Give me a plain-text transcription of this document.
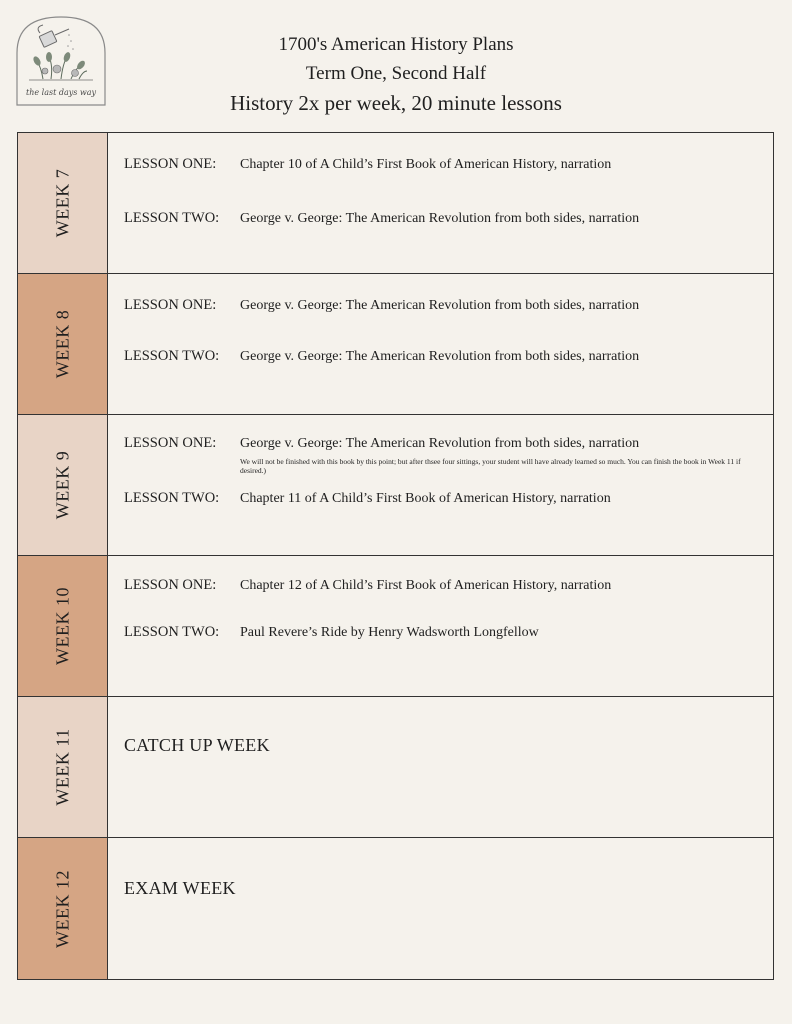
the last days way
1700's American History Plans
Term One, Second Half
History 2x per week, 20 minute lessons
WEEK 7
LESSON ONE: Chapter 10 of A Child’s First Book of American History, narration
LESSON TWO: George v. George: The American Revolution from both sides, narration
WEEK 8
LESSON ONE: George v. George: The American Revolution from both sides, narration
LESSON TWO: George v. George: The American Revolution from both sides, narration
WEEK 9
LESSON ONE: George v. George: The American Revolution from both sides, narration
We will not be finished with this book by this point; but after thsee four sittings, your student will have already learned so much. You can finish the book in Week 11 if desired.)
LESSON TWO: Chapter 11 of A Child’s First Book of American History, narration
WEEK 10
LESSON ONE: Chapter 12 of A Child’s First Book of American History, narration
LESSON TWO: Paul Revere’s Ride by Henry Wadsworth Longfellow
WEEK 11	CATCH UP WEEK
WEEK 12	EXAM WEEK
